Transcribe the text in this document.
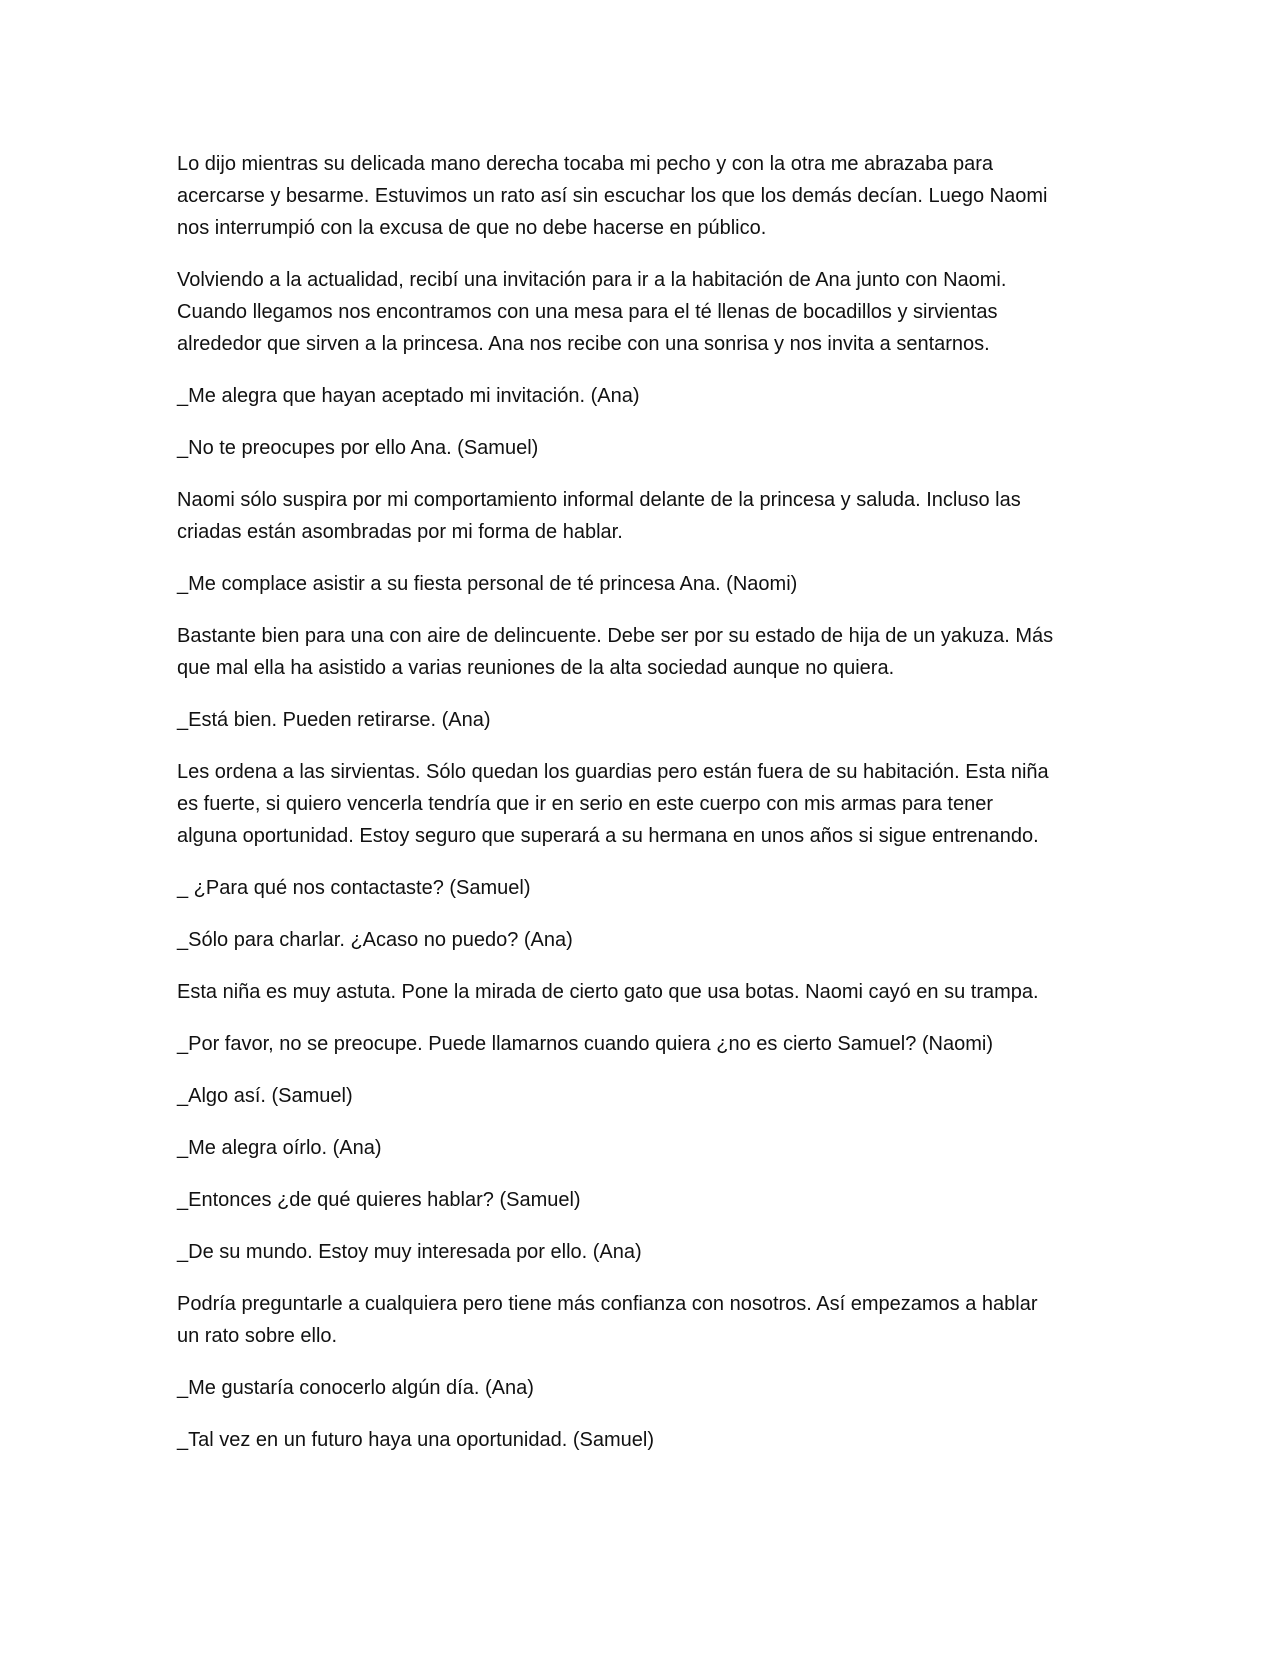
Lo dijo mientras su delicada mano derecha tocaba mi pecho y con la otra me abrazaba para
acercarse y besarme. Estuvimos un rato así sin escuchar los que los demás decían. Luego Naomi
nos interrumpió con la excusa de que no debe hacerse en público.

Volviendo a la actualidad, recibí una invitación para ir a la habitación de Ana junto con Naomi.
Cuando llegamos nos encontramos con una mesa para el té llenas de bocadillos y sirvientas
alrededor que sirven a la princesa. Ana nos recibe con una sonrisa y nos invita a sentarnos.

_Me alegra que hayan aceptado mi invitación. (Ana)

_No te preocupes por ello Ana. (Samuel)

Naomi sólo suspira por mi comportamiento informal delante de la princesa y saluda. Incluso las
criadas están asombradas por mi forma de hablar.

_Me complace asistir a su fiesta personal de té princesa Ana. (Naomi)

Bastante bien para una con aire de delincuente. Debe ser por su estado de hija de un yakuza. Más
que mal ella ha asistido a varias reuniones de la alta sociedad aunque no quiera.

_Está bien. Pueden retirarse. (Ana)

Les ordena a las sirvientas. Sólo quedan los guardias pero están fuera de su habitación. Esta niña
es fuerte, si quiero vencerla tendría que ir en serio en este cuerpo con mis armas para tener
alguna oportunidad. Estoy seguro que superará a su hermana en unos años si sigue entrenando.

_ ¿Para qué nos contactaste? (Samuel)

_Sólo para charlar. ¿Acaso no puedo? (Ana)

Esta niña es muy astuta. Pone la mirada de cierto gato que usa botas. Naomi cayó en su trampa.

_Por favor, no se preocupe. Puede llamarnos cuando quiera ¿no es cierto Samuel? (Naomi)

_Algo así. (Samuel)

_Me alegra oírlo. (Ana)

_Entonces ¿de qué quieres hablar? (Samuel)

_De su mundo. Estoy muy interesada por ello. (Ana)

Podría preguntarle a cualquiera pero tiene más confianza con nosotros. Así empezamos a hablar
un rato sobre ello.

_Me gustaría conocerlo algún día. (Ana)

_Tal vez en un futuro haya una oportunidad. (Samuel)
